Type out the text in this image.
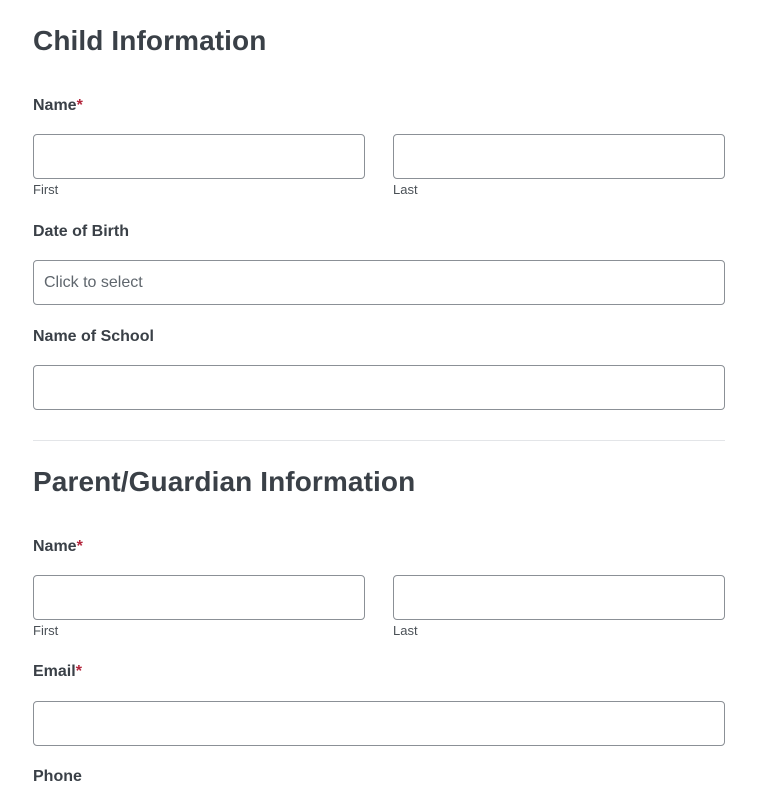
Child Information
Name*
First	Last
Date of Birth
Click to select
Name of School
Parent/Guardian Information
Name*
First	Last
Email*
Phone
